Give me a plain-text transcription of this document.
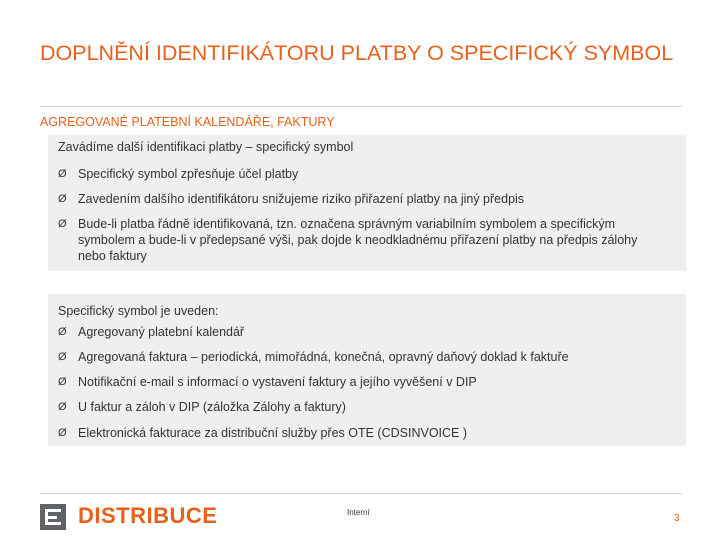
DOPLNĚNÍ IDENTIFIKÁTORU PLATBY O SPECIFICKÝ SYMBOL
AGREGOVANÉ PLATEBNÍ KALENDÁŘE, FAKTURY
Zavádíme další identifikaci platby – specifický symbol
Ø Specifický symbol zpřesňuje účel platby
Ø Zavedením dalšího identifikátoru snižujeme riziko přiřazení platby na jiný předpis
Ø Bude-li platba řádně identifikovaná, tzn. označena správným variabilním symbolem a specifickým symbolem a bude-li v předepsané výši, pak dojde k neodkladnému přiřazení platby na předpis zálohy nebo faktury
Specifický symbol je uveden:
Ø Agregovaný platební kalendář
Ø Agregovaná faktura – periodická, mimořádná, konečná, opravný daňový doklad k faktuře
Ø Notifikační e-mail s informací o vystavení faktury a jejího vyvěšení v DIP
Ø U faktur a záloh v DIP (záložka Zálohy a faktury)
Ø Elektronická fakturace za distribuční služby přes OTE (CDSINVOICE )
DISTRIBUCE	Interní
3
